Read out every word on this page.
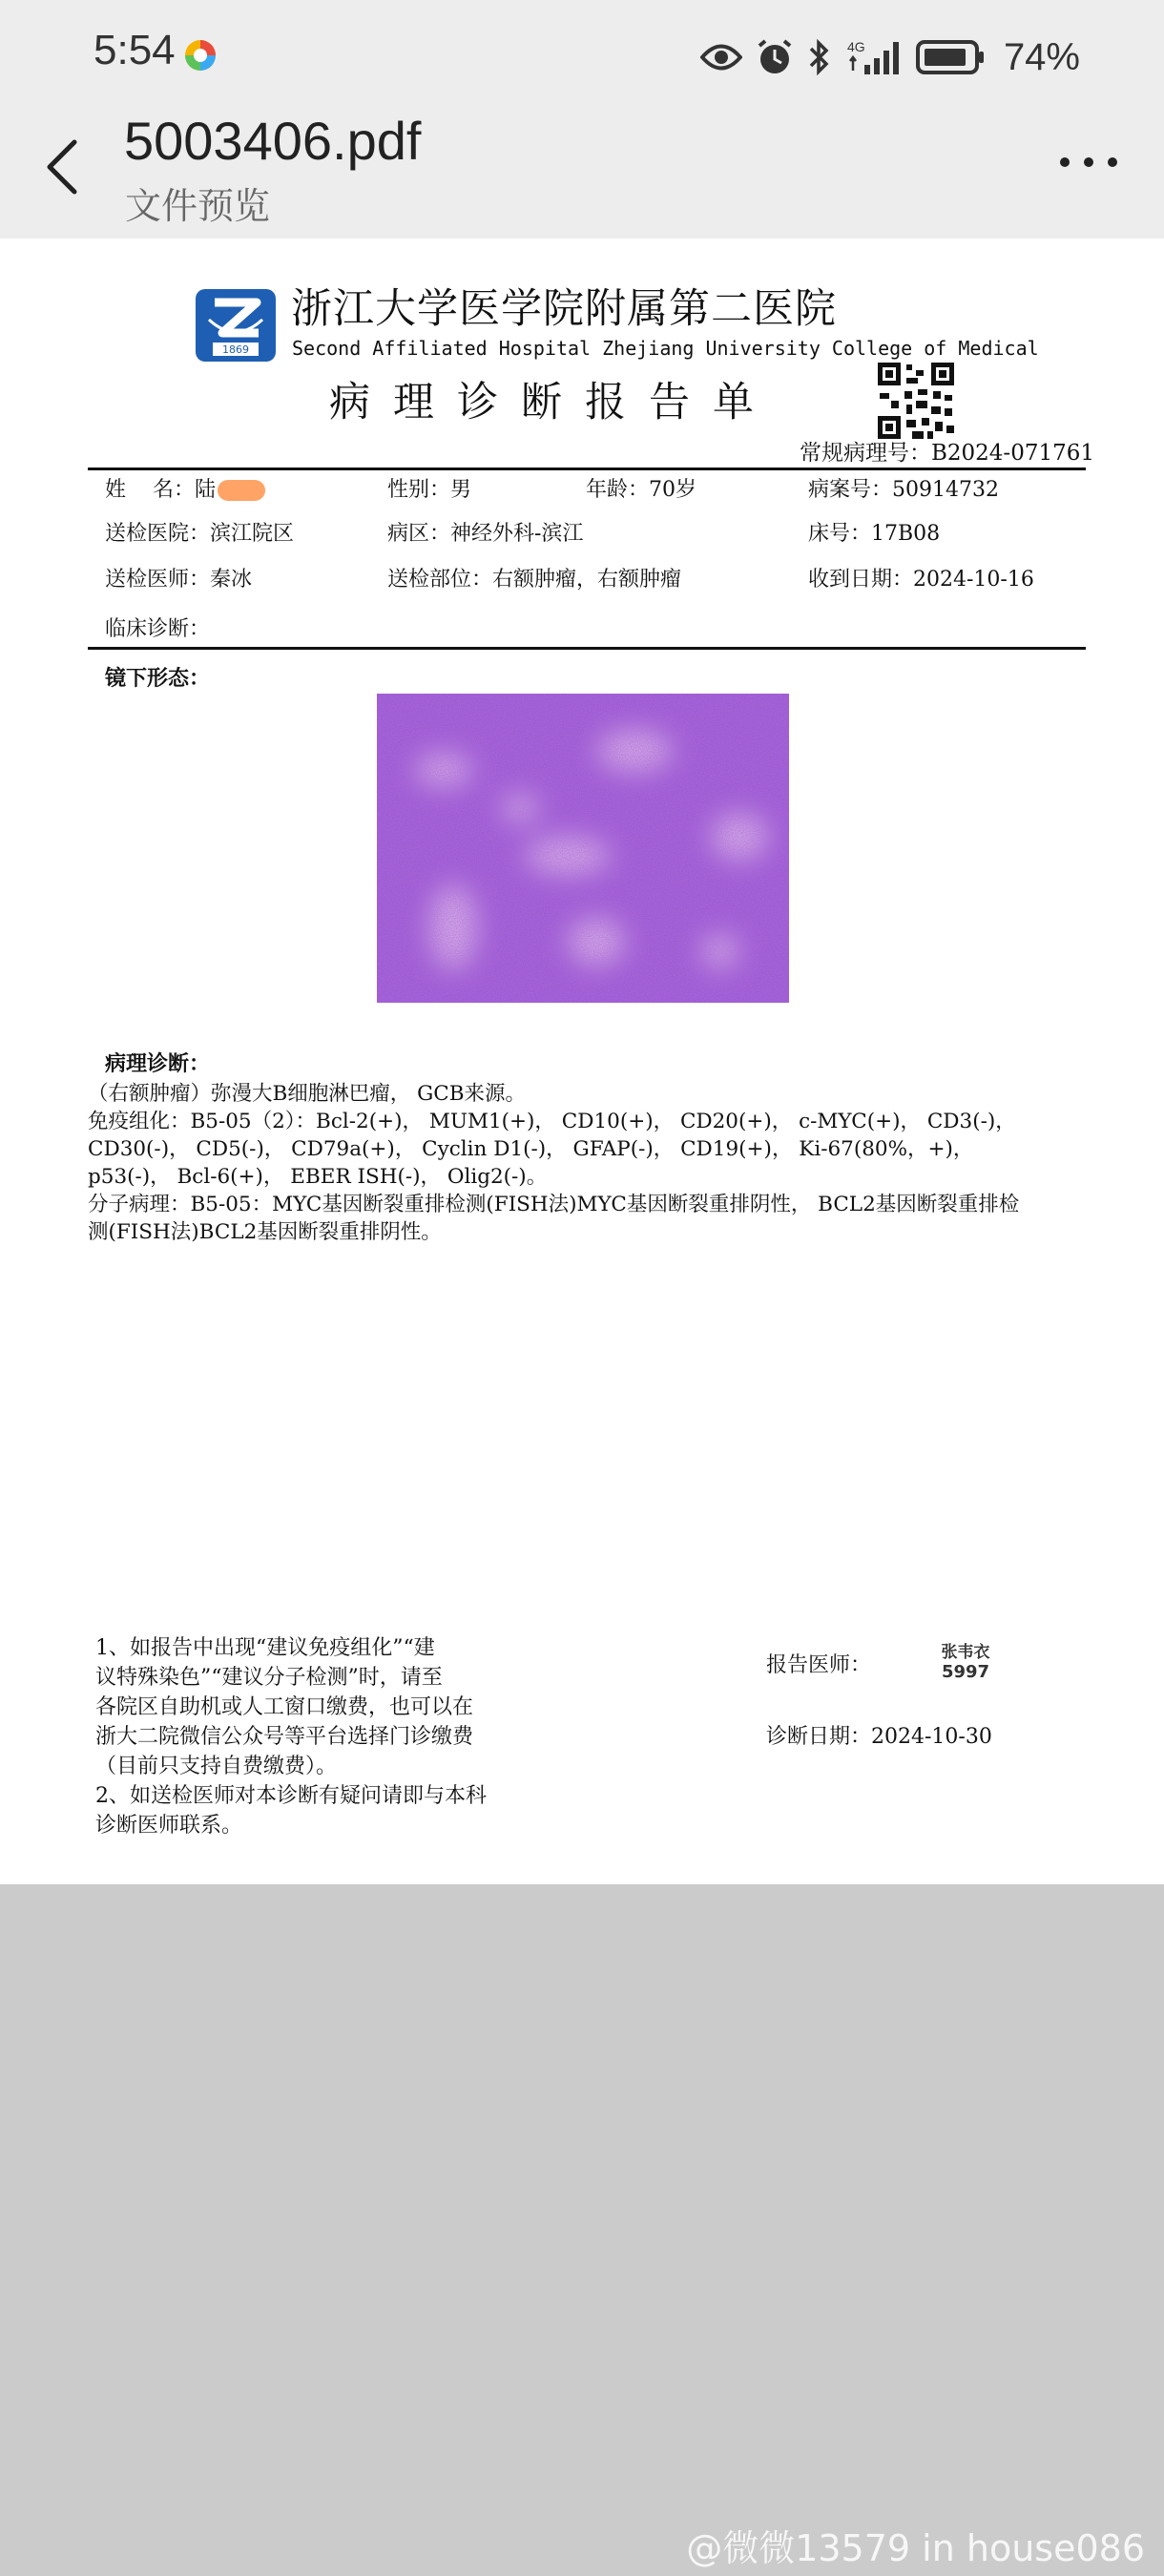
5:54	4G	74%
5003406.pdf
文件预览
1869
浙江大学医学院附属第二医院
Second Affiliated Hospital Zhejiang University College of Medical
病理诊断报告单
常规病理号：B2024-071761
姓    名：陆	性别：男	年龄：70岁	病案号：50914732
送检医院：滨江院区	病区：神经外科-滨江	床号：17B08
送检医师：秦冰	送检部位：右额肿瘤，右额肿瘤	收到日期：2024-10-16
临床诊断：
镜下形态：
病理诊断：
（右额肿瘤）弥漫大B细胞淋巴瘤， GCB来源。
免疫组化：B5-05（2）：Bcl-2(+)， MUM1(+)， CD10(+)， CD20(+)， c-MYC(+)， CD3(-)，
CD30(-)， CD5(-)， CD79a(+)， Cyclin D1(-)， GFAP(-)， CD19(+)， Ki-67(80%，+)，
p53(-)， Bcl-6(+)， EBER ISH(-)， Olig2(-)。
分子病理：B5-05：MYC基因断裂重排检测(FISH法)MYC基因断裂重排阴性， BCL2基因断裂重排检
测(FISH法)BCL2基因断裂重排阴性。
1、如报告中出现“建议免疫组化”“建
议特殊染色”“建议分子检测”时，请至
各院区自助机或人工窗口缴费，也可以在
浙大二院微信公众号等平台选择门诊缴费
（目前只支持自费缴费）。
2、如送检医师对本诊断有疑问请即与本科
诊断医师联系。
报告医师：
张韦衣
5997
诊断日期：2024-10-30
@微微13579 in house086
